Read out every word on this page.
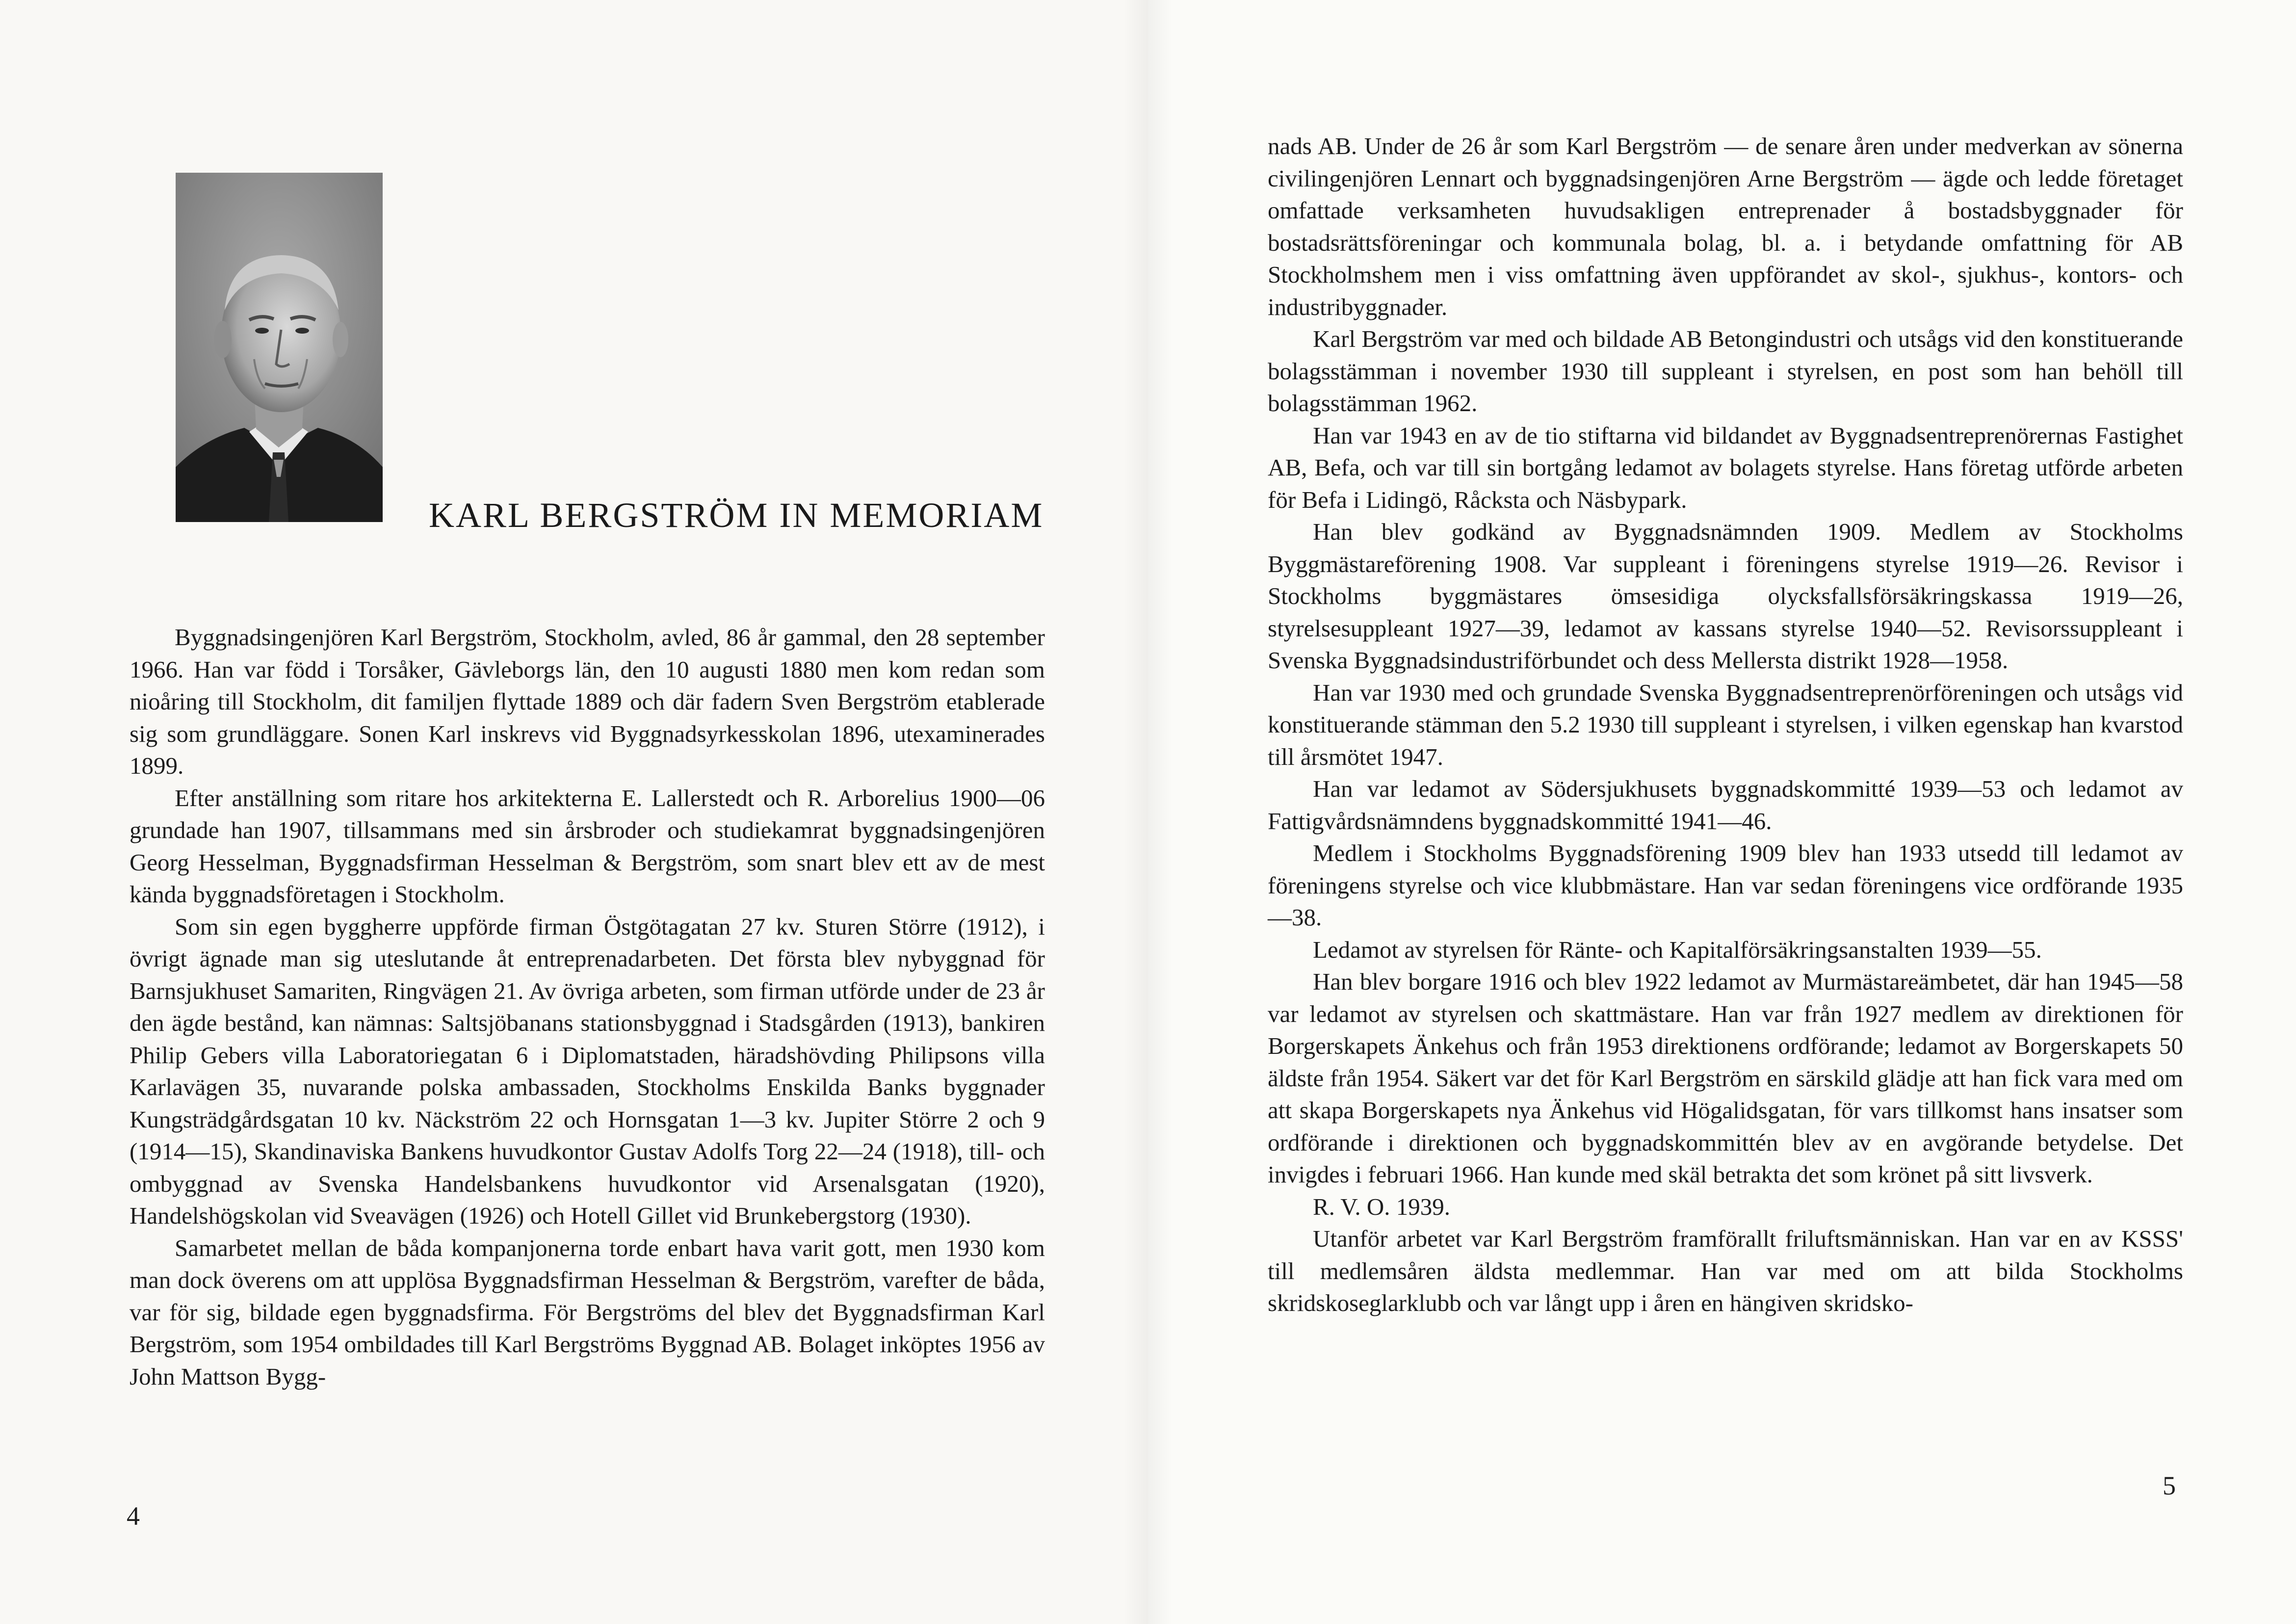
KARL BERGSTRÖM IN MEMORIAM

Byggnadsingenjören Karl Bergström, Stockholm, avled, 86 år gammal, den 28 september 1966. Han var född i Torsåker, Gävleborgs län, den 10 augusti 1880 men kom redan som nioåring till Stockholm, dit familjen flyttade 1889 och där fadern Sven Bergström etablerade sig som grundläggare. Sonen Karl inskrevs vid Byggnadsyrkesskolan 1896, utexaminerades 1899.

Efter anställning som ritare hos arkitekterna E. Lallerstedt och R. Arborelius 1900—06 grundade han 1907, tillsammans med sin årsbroder och studiekamrat byggnadsingenjören Georg Hesselman, Byggnadsfirman Hesselman & Bergström, som snart blev ett av de mest kända byggnadsföretagen i Stockholm.

Som sin egen byggherre uppförde firman Östgötagatan 27 kv. Sturen Större (1912), i övrigt ägnade man sig uteslutande åt entreprenadarbeten. Det första blev nybyggnad för Barnsjukhuset Samariten, Ringvägen 21. Av övriga arbeten, som firman utförde under de 23 år den ägde bestånd, kan nämnas: Saltsjöbanans stationsbyggnad i Stadsgården (1913), bankiren Philip Gebers villa Laboratoriegatan 6 i Diplomatstaden, häradshövding Philipsons villa Karlavägen 35, nuvarande polska ambassaden, Stockholms Enskilda Banks byggnader Kungsträdgårdsgatan 10 kv. Näckström 22 och Hornsgatan 1—3 kv. Jupiter Större 2 och 9 (1914—15), Skandinaviska Bankens huvudkontor Gustav Adolfs Torg 22—24 (1918), till- och ombyggnad av Svenska Handelsbankens huvudkontor vid Arsenalsgatan (1920), Handelshögskolan vid Sveavägen (1926) och Hotell Gillet vid Brunkebergstorg (1930).

Samarbetet mellan de båda kompanjonerna torde enbart hava varit gott, men 1930 kom man dock överens om att upplösa Byggnadsfirman Hesselman & Bergström, varefter de båda, var för sig, bildade egen byggnadsfirma. För Bergströms del blev det Byggnadsfirman Karl Bergström, som 1954 ombildades till Karl Bergströms Byggnad AB. Bolaget inköptes 1956 av John Mattson Bygg-

4

nads AB. Under de 26 år som Karl Bergström — de senare åren under medverkan av sönerna civilingenjören Lennart och byggnadsingenjören Arne Bergström — ägde och ledde företaget omfattade verksamheten huvudsakligen entreprenader å bostadsbyggnader för bostadsrättsföreningar och kommunala bolag, bl. a. i betydande omfattning för AB Stockholmshem men i viss omfattning även uppförandet av skol-, sjukhus-, kontors- och industribyggnader.

Karl Bergström var med och bildade AB Betongindustri och utsågs vid den konstituerande bolagsstämman i november 1930 till suppleant i styrelsen, en post som han behöll till bolagsstämman 1962.

Han var 1943 en av de tio stiftarna vid bildandet av Byggnadsentreprenörernas Fastighet AB, Befa, och var till sin bortgång ledamot av bolagets styrelse. Hans företag utförde arbeten för Befa i Lidingö, Råcksta och Näsbypark.

Han blev godkänd av Byggnadsnämnden 1909. Medlem av Stockholms Byggmästareförening 1908. Var suppleant i föreningens styrelse 1919—26. Revisor i Stockholms byggmästares ömsesidiga olycksfallsförsäkringskassa 1919—26, styrelsesuppleant 1927—39, ledamot av kassans styrelse 1940—52. Revisorssuppleant i Svenska Byggnadsindustriförbundet och dess Mellersta distrikt 1928—1958.

Han var 1930 med och grundade Svenska Byggnadsentreprenörföreningen och utsågs vid konstituerande stämman den 5.2 1930 till suppleant i styrelsen, i vilken egenskap han kvarstod till årsmötet 1947.

Han var ledamot av Södersjukhusets byggnadskommitté 1939—53 och ledamot av Fattigvårdsnämndens byggnadskommitté 1941—46.

Medlem i Stockholms Byggnadsförening 1909 blev han 1933 utsedd till ledamot av föreningens styrelse och vice klubbmästare. Han var sedan föreningens vice ordförande 1935—38.

Ledamot av styrelsen för Ränte- och Kapitalförsäkringsanstalten 1939—55.

Han blev borgare 1916 och blev 1922 ledamot av Murmästareämbetet, där han 1945—58 var ledamot av styrelsen och skattmästare. Han var från 1927 medlem av direktionen för Borgerskapets Änkehus och från 1953 direktionens ordförande; ledamot av Borgerskapets 50 äldste från 1954. Säkert var det för Karl Bergström en särskild glädje att han fick vara med om att skapa Borgerskapets nya Änkehus vid Högalidsgatan, för vars tillkomst hans insatser som ordförande i direktionen och byggnadskommittén blev av en avgörande betydelse. Det invigdes i februari 1966. Han kunde med skäl betrakta det som krönet på sitt livsverk.

R. V. O. 1939.

Utanför arbetet var Karl Bergström framförallt friluftsmänniskan. Han var en av KSSS' till medlemsåren äldsta medlemmar. Han var med om att bilda Stockholms skridskoseglarklubb och var långt upp i åren en hängiven skridsko-

5
